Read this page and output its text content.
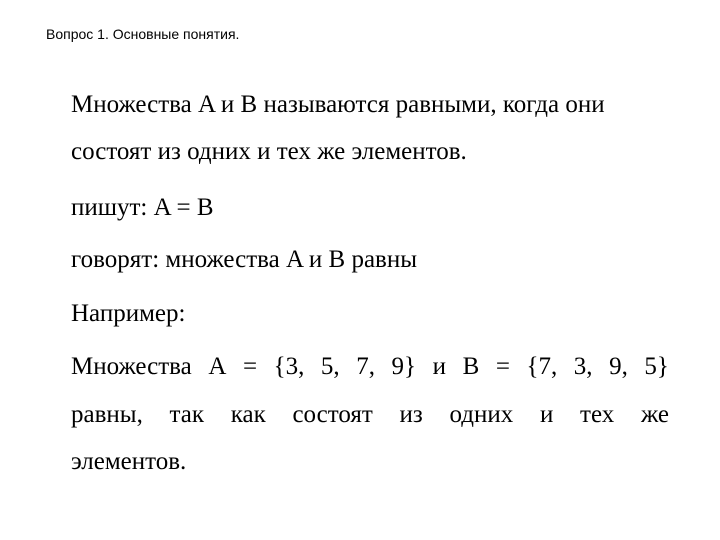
Вопрос 1. Основные понятия.
Множества A и B называются равными, когда они
состоят из одних и тех же элементов.
пишут: A = B
говорят: множества A и B равны
Например:
Множества A = {3, 5, 7, 9} и B = {7, 3, 9, 5}
равны, так как состоят из одних и тех же
элементов.
